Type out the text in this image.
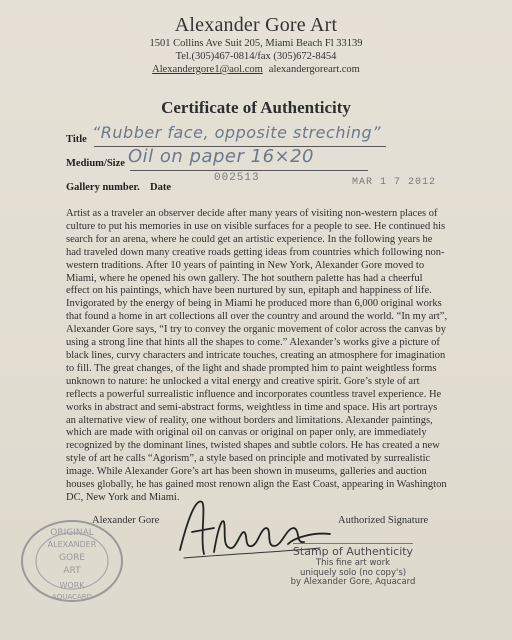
Alexander Gore Art
1501 Collins Ave Suit 205, Miami Beach Fl 33139
Tel.(305)467-0814/fax (305)672-8454
Alexandergore1@aol.com alexandergoreart.com
Certificate of Authenticity
Title “Rubber face, opposite streching”
Medium/Size Oil on paper 16×20
Gallery number. Date
002513	MAR 1 7 2012
Artist as a traveler an observer decide after many years of visiting non-western places of culture to put his memories in use on visible surfaces for a people to see. He continued his search for an arena, where he could get an artistic experience. In the following years he had traveled down many creative roads getting ideas from countries which following non- western traditions. After 10 years of painting in New York, Alexander Gore moved to Miami, where he opened his own gallery. The hot southern palette has had a cheerful effect on his paintings, which have been nurtured by sun, epitaph and happiness of life. Invigorated by the energy of being in Miami he produced more than 6,000 original works that found a home in art collections all over the country and around the world. “In my art”, Alexander Gore says, “I try to convey the organic movement of color across the canvas by using a strong line that hints all the shapes to come.” Alexander’s works give a picture of black lines, curvy characters and intricate touches, creating an atmosphere for imagination to fill. The great changes, of the light and shade prompted him to paint weightless forms unknown to nature: he unlocked a vital energy and creative spirit. Gore’s style of art reflects a powerful surrealistic influence and incorporates countless travel experience. He works in abstract and semi-abstract forms, weightless in time and space. His art portrays an alternative view of reality, one without borders and limitations. Alexander paintings, which are made with original oil on canvas or original on paper only, are immediately recognized by the dominant lines, twisted shapes and subtle colors. He has created a new style of art he calls “Agorism”, a style based on principle and motivated by surrealistic image. While Alexander Gore’s art has been shown in museums, galleries and auction houses globally, he has gained most renown align the East Coast, appearing in Washington DC, New York and Miami.
Alexander Gore	Authorized Signature
ORIGINAL
ALEXANDER
GORE
ART
WORK
AQUACARD
Stamp of Authenticity
This fine art work
uniquely solo (no copy's)
by Alexander Gore, Aquacard
